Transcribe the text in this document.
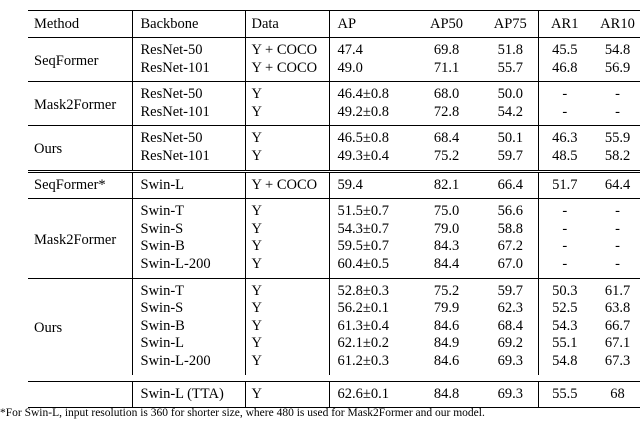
Method	Backbone	Data	AP	AP50	AP75	AR1	AR10
SeqFormer	ResNet-50	Y + COCO	47.4	69.8	51.8	45.5	54.8
	ResNet-101	Y + COCO	49.0	71.1	55.7	46.8	56.9
Mask2Former	ResNet-50	Y	46.4±0.8	68.0	50.0	-	-
	ResNet-101	Y	49.2±0.8	72.8	54.2	-	-
Ours	ResNet-50	Y	46.5±0.8	68.4	50.1	46.3	55.9
	ResNet-101	Y	49.3±0.4	75.2	59.7	48.5	58.2
SeqFormer*	Swin-L	Y + COCO	59.4	82.1	66.4	51.7	64.4
Mask2Former	Swin-T	Y	51.5±0.7	75.0	56.6	-	-
	Swin-S	Y	54.3±0.7	79.0	58.8	-	-
	Swin-B	Y	59.5±0.7	84.3	67.2	-	-
	Swin-L-200	Y	60.4±0.5	84.4	67.0	-	-
Ours	Swin-T	Y	52.8±0.3	75.2	59.7	50.3	61.7
	Swin-S	Y	56.2±0.1	79.9	62.3	52.5	63.8
	Swin-B	Y	61.3±0.4	84.6	68.4	54.3	66.7
	Swin-L	Y	62.1±0.2	84.9	69.2	55.1	67.1
	Swin-L-200	Y	61.2±0.3	84.6	69.3	54.8	67.3

	Swin-L (TTA)	Y	62.6±0.1	84.8	69.3	55.5	68
*For Swin-L, input resolution is 360 for shorter size, where 480 is used for Mask2Former and our model.
